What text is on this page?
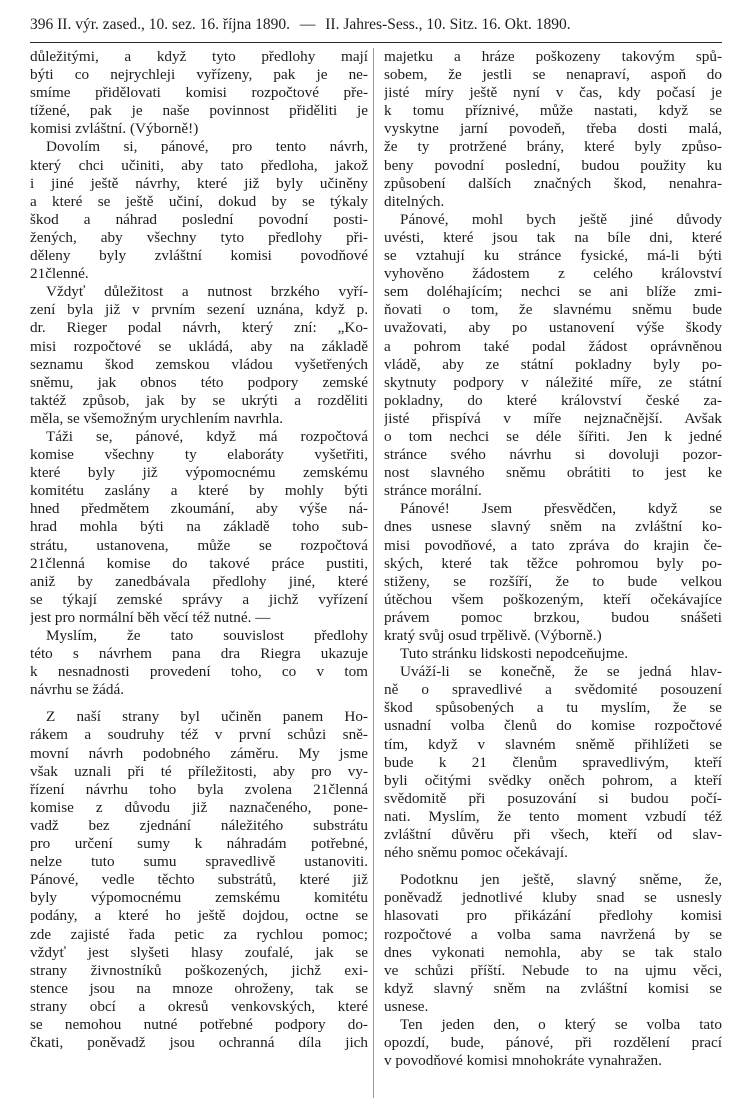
396 II. výr. zased., 10. sez. 16. října 1890. — II. Jahres-Sess., 10. Sitz. 16. Okt. 1890.
důležitými, a když tyto předlohy mají
býti co nejrychleji vyřízeny, pak je ne-
smíme přidělovati komisi rozpočtové pře-
tížené, pak je naše povinnost přiděliti je
komisi zvláštní. (Výborně!)
Dovolím si, pánové, pro tento návrh,
který chci učiniti, aby tato předloha, jakož
i jiné ještě návrhy, které již byly učiněny
a které se ještě učiní, dokud by se týkaly
škod a náhrad poslední povodní posti-
žených, aby všechny tyto předlohy při-
děleny byly zvláštní komisi povodňové
21členné.
Vždyť důležitost a nutnost brzkého vyří-
zení byla již v prvním sezení uznána, když p.
dr. Rieger podal návrh, který zní: „Ko-
misi rozpočtové se ukládá, aby na základě
seznamu škod zemskou vládou vyšetřených
sněmu, jak obnos této podpory zemské
taktéž způsob, jak by se ukrýti a rozděliti
měla, se všemožným urychlením navrhla.
Táži se, pánové, když má rozpočtová
komise všechny ty elaboráty vyšetřiti,
které byly již výpomocnému zemskému
komitétu zaslány a které by mohly býti
hned předmětem zkoumání, aby výše ná-
hrad mohla býti na základě toho sub-
strátu, ustanovena, může se rozpočtová
21členná komise do takové práce pustiti,
aniž by zanedbávala předlohy jiné, které
se týkají zemské správy a jichž vyřízení
jest pro normální běh věcí též nutné. —
Myslím, že tato souvislost předlohy
této s návrhem pana dra Riegra ukazuje
k nesnadnosti provedení toho, co v tom
návrhu se žádá.
Z naší strany byl učiněn panem Ho-
rákem a soudruhy též v první schůzi sně-
movní návrh podobného záměru. My jsme
však uznali při té příležitosti, aby pro vy-
řízení návrhu toho byla zvolena 21členná
komise z důvodu již naznačeného, pone-
vadž bez zjednání náležitého substrátu
pro určení sumy k náhradám potřebné,
nelze tuto sumu spravedlivě ustanoviti.
Pánové, vedle těchto substrátů, které již
byly výpomocnému zemskému komitétu
podány, a které ho ještě dojdou, octne se
zde zajisté řada petic za rychlou pomoc;
vždyť jest slyšeti hlasy zoufalé, jak se
strany živnostníků poškozených, jichž exi-
stence jsou na mnoze ohroženy, tak se
strany obcí a okresů venkovských, které
se nemohou nutné potřebné podpory do-
čkati, poněvadž jsou ochranná díla jich
majetku a hráze poškozeny takovým spů-
sobem, že jestli se nenapraví, aspoň do
jisté míry ještě nyní v čas, kdy počasí je
k tomu příznivé, může nastati, když se
vyskytne jarní povodeň, třeba dosti malá,
že ty protržené brány, které byly způso-
beny povodní poslední, budou použity ku
způsobení dalších značných škod, nenahra-
ditelných.
Pánové, mohl bych ještě jiné důvody
uvésti, které jsou tak na bíle dni, které
se vztahují ku stránce fysické, má-li býti
vyhověno žádostem z celého království
sem doléhajícím; nechci se ani blíže zmi-
ňovati o tom, že slavnému sněmu bude
uvažovati, aby po ustanovení výše škody
a pohrom také podal žádost oprávněnou
vládě, aby ze státní pokladny byly po-
skytnuty podpory v náležité míře, ze státní
pokladny, do které království české za-
jisté přispívá v míře nejznačnější. Avšak
o tom nechci se déle šířiti. Jen k jedné
stránce svého návrhu si dovoluji pozor-
nost slavného sněmu obrátiti to jest ke
stránce morální.
Pánové! Jsem přesvědčen, když se
dnes usnese slavný sněm na zvláštní ko-
misi povodňové, a tato zpráva do krajin če-
ských, které tak těžce pohromou byly po-
stiženy, se rozšíří, že to bude velkou
útěchou všem poškozeným, kteří očekávajíce
právem pomoc brzkou, budou snášeti
kratý svůj osud trpělivě. (Výborně.)
Tuto stránku lidskosti nepodceňujme.
Uváží-li se konečně, že se jedná hlav-
ně o spravedlivé a svědomité posouzení
škod spůsobených a tu myslím, že se
usnadní volba členů do komise rozpočtové
tím, když v slavném sněmě přihlížeti se
bude k 21 členům spravedlivým, kteří
byli očitými svědky oněch pohrom, a kteří
svědomitě při posuzování si budou počí-
nati. Myslím, že tento moment vzbudí též
zvláštní důvěru při všech, kteří od slav-
ného sněmu pomoc očekávají.
Podotknu jen ještě, slavný sněme, že,
poněvadž jednotlivé kluby snad se usnesly
hlasovati pro přikázání předlohy komisi
rozpočtové a volba sama navržená by se
dnes vykonati nemohla, aby se tak stalo
ve schůzi příští. Nebude to na ujmu věci,
když slavný sněm na zvláštní komisi se
usnese.
Ten jeden den, o který se volba tato
opozdí, bude, pánové, při rozdělení prací
v povodňové komisi mnohokráte vynahražen.
